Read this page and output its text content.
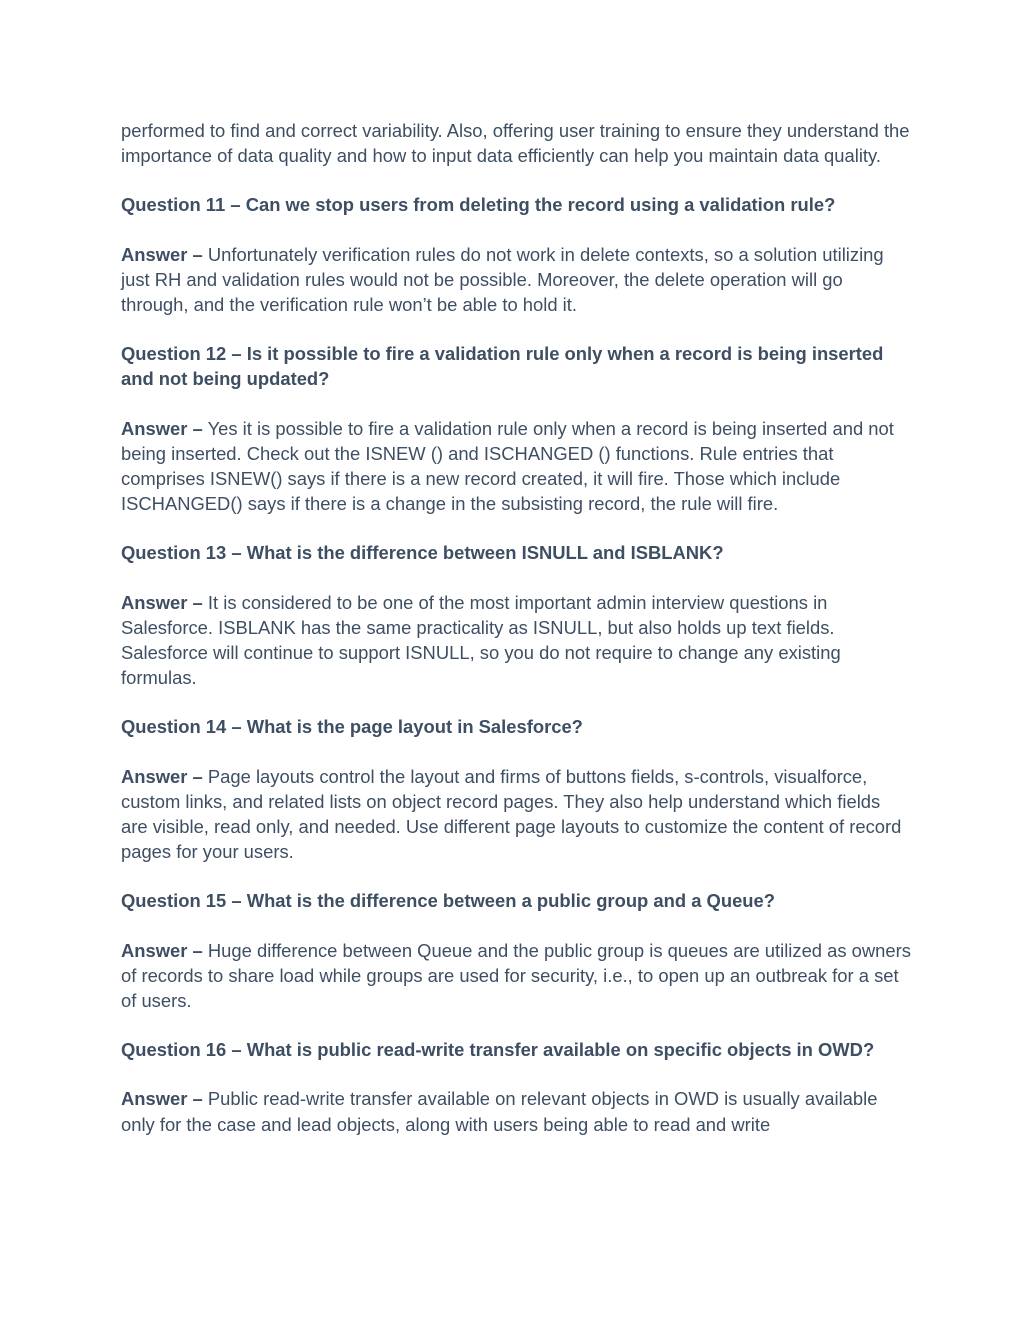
performed to find and correct variability. Also, offering user training to ensure they understand the importance of data quality and how to input data efficiently can help you maintain data quality.

Question 11 – Can we stop users from deleting the record using a validation rule?

Answer – Unfortunately verification rules do not work in delete contexts, so a solution utilizing just RH and validation rules would not be possible. Moreover, the delete operation will go through, and the verification rule won’t be able to hold it.

Question 12 – Is it possible to fire a validation rule only when a record is being inserted and not being updated?

Answer – Yes it is possible to fire a validation rule only when a record is being inserted and not being inserted. Check out the ISNEW () and ISCHANGED () functions. Rule entries that comprises ISNEW() says if there is a new record created, it will fire. Those which include ISCHANGED() says if there is a change in the subsisting record, the rule will fire.

Question 13 – What is the difference between ISNULL and ISBLANK?

Answer – It is considered to be one of the most important admin interview questions in Salesforce. ISBLANK has the same practicality as ISNULL, but also holds up text fields. Salesforce will continue to support ISNULL, so you do not require to change any existing formulas.

Question 14 – What is the page layout in Salesforce?

Answer – Page layouts control the layout and firms of buttons fields, s-controls, visualforce, custom links, and related lists on object record pages. They also help understand which fields are visible, read only, and needed. Use different page layouts to customize the content of record pages for your users.

Question 15 – What is the difference between a public group and a Queue?

Answer – Huge difference between Queue and the public group is queues are utilized as owners of records to share load while groups are used for security, i.e., to open up an outbreak for a set of users.

Question 16 – What is public read-write transfer available on specific objects in OWD?

Answer – Public read-write transfer available on relevant objects in OWD is usually available only for the case and lead objects, along with users being able to read and write
